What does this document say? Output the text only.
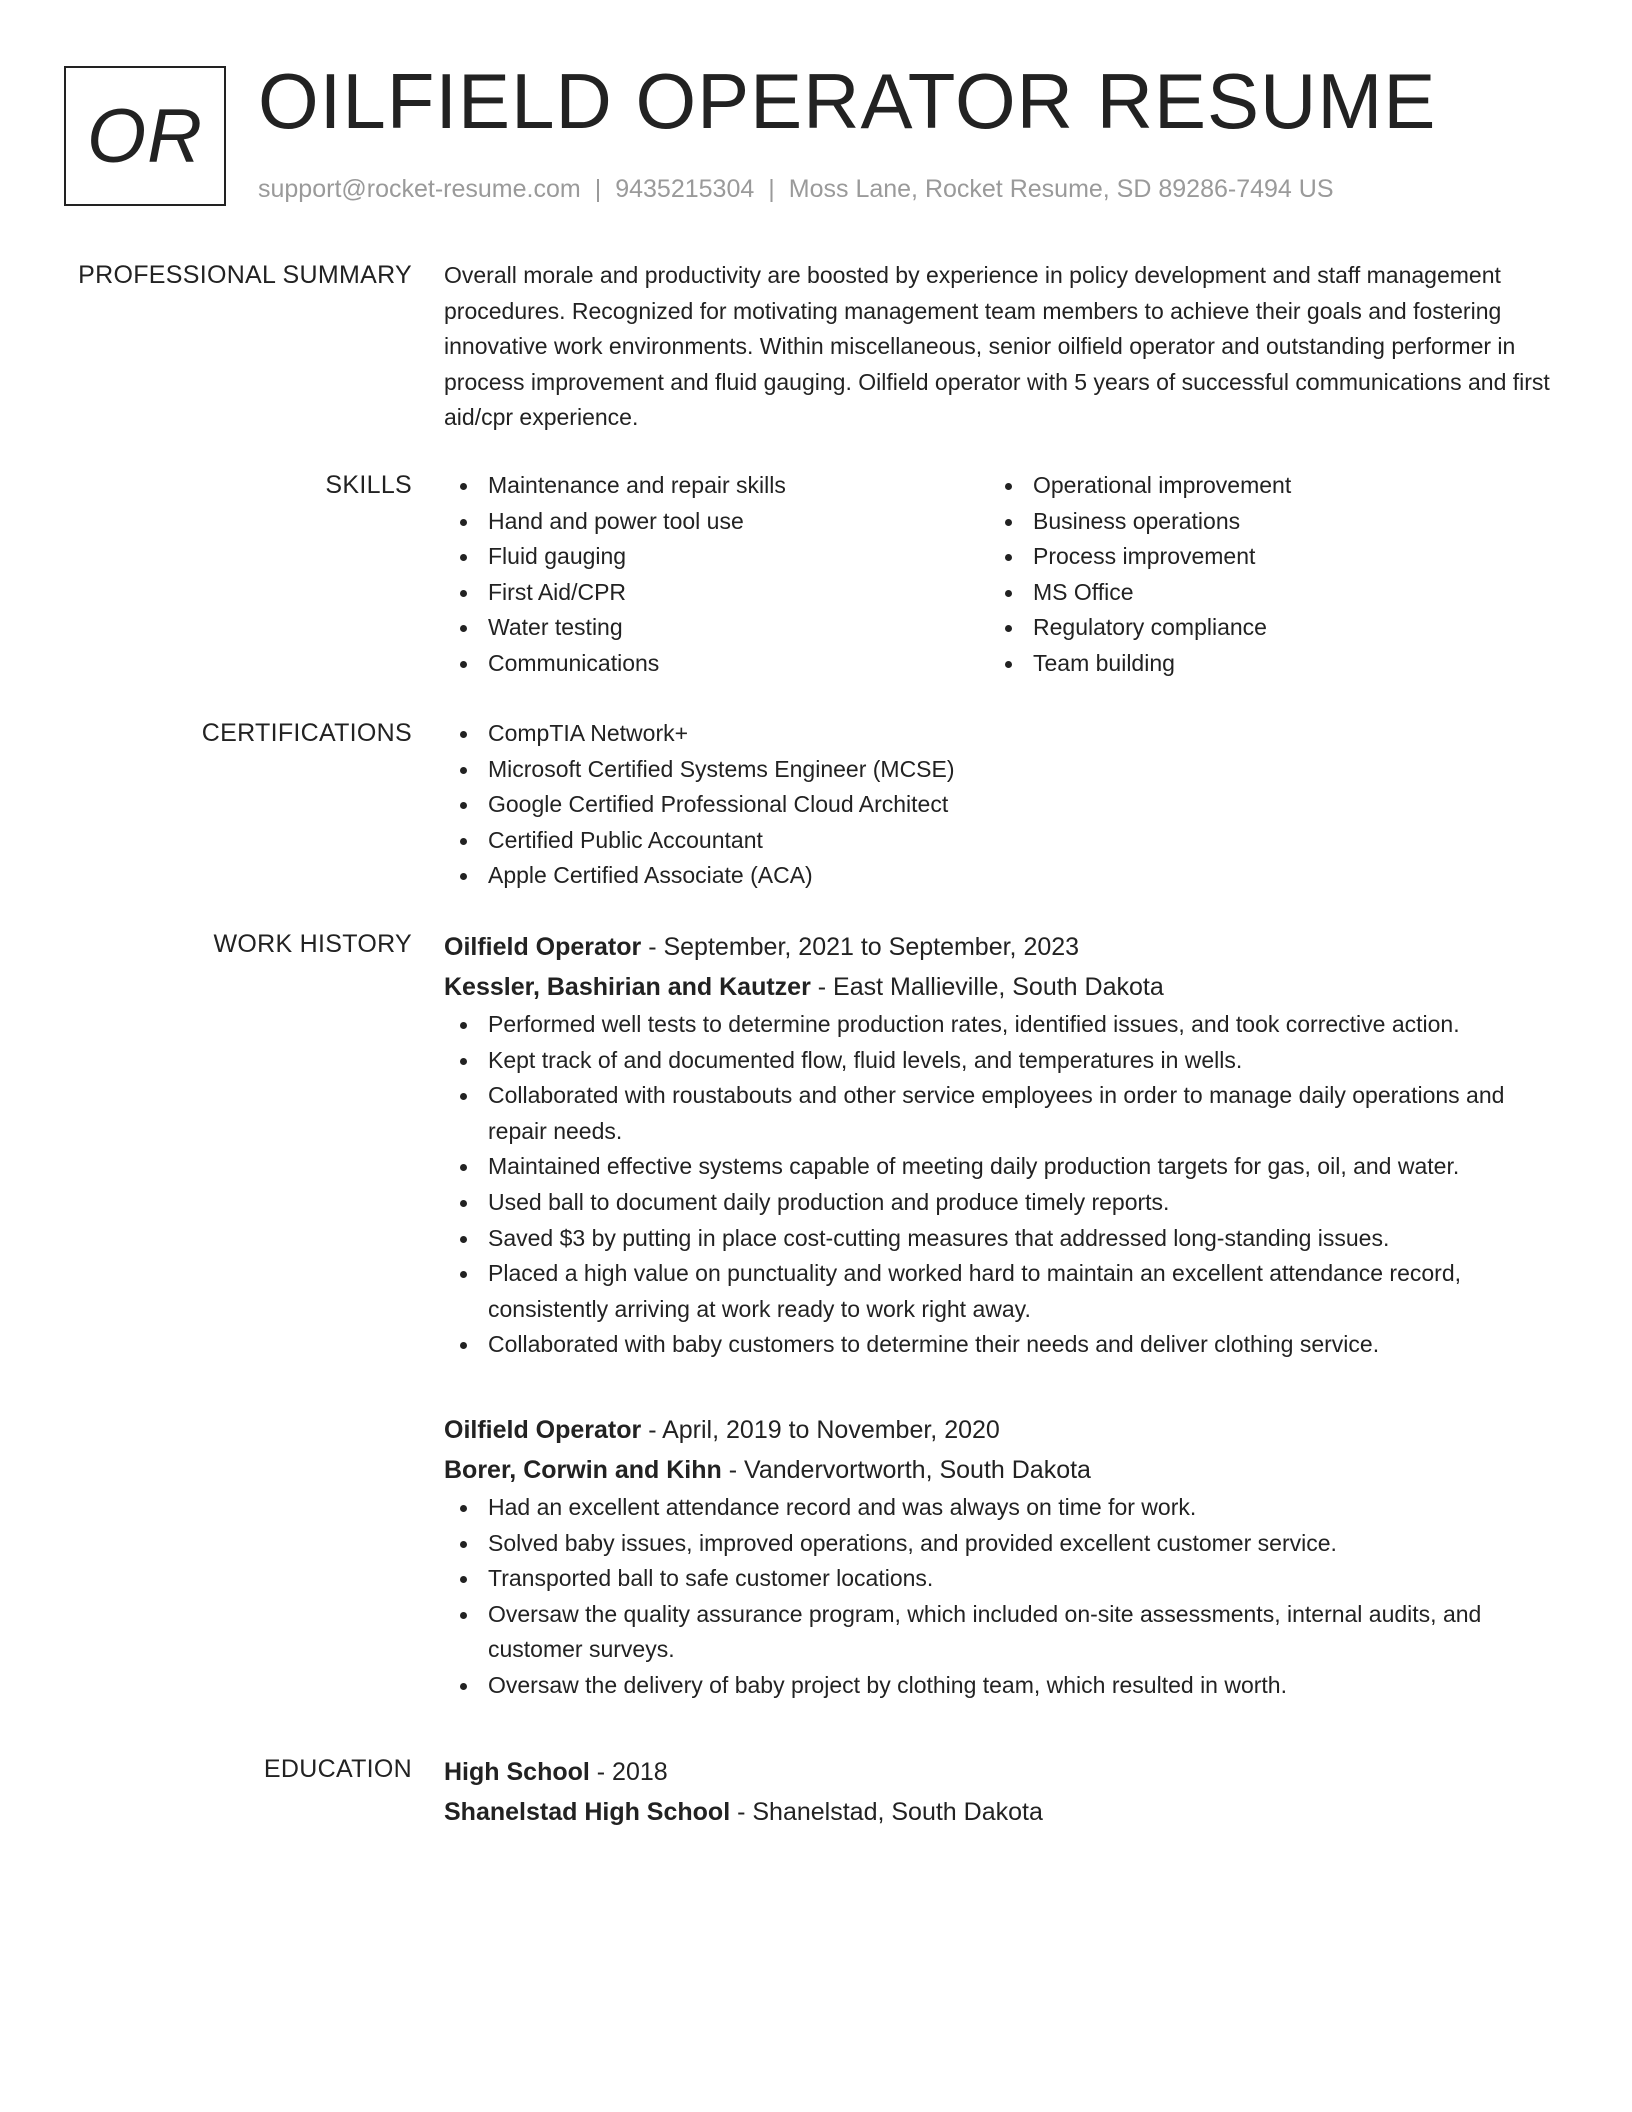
OR OILFIELD OPERATOR RESUME
support@rocket-resume.com | 9435215304 | Moss Lane, Rocket Resume, SD 89286-7494 US
PROFESSIONAL SUMMARY Overall morale and productivity are boosted by experience in policy development and staff management procedures. Recognized for motivating management team members to achieve their goals and fostering innovative work environments. Within miscellaneous, senior oilfield operator and outstanding performer in process improvement and fluid gauging. Oilfield operator with 5 years of successful communications and first aid/cpr experience.

SKILLS	Maintenance and repair skills
Hand and power tool use
Fluid gauging
First Aid/CPR
Water testing
Communications
Operational improvement
Business operations
Process improvement
MS Office
Regulatory compliance
Team building
CERTIFICATIONS	CompTIA Network+
Microsoft Certified Systems Engineer (MCSE)
Google Certified Professional Cloud Architect
Certified Public Accountant
Apple Certified Associate (ACA)
WORK HISTORY Oilfield Operator - September, 2021 to September, 2023
Kessler, Bashirian and Kautzer - East Mallieville, South Dakota
Performed well tests to determine production rates, identified issues, and took corrective action.
Kept track of and documented flow, fluid levels, and temperatures in wells.
Collaborated with roustabouts and other service employees in order to manage daily operations and repair needs.
Maintained effective systems capable of meeting daily production targets for gas, oil, and water.
Used ball to document daily production and produce timely reports.
Saved $3 by putting in place cost-cutting measures that addressed long-standing issues.
Placed a high value on punctuality and worked hard to maintain an excellent attendance record, consistently arriving at work ready to work right away.
Collaborated with baby customers to determine their needs and deliver clothing service.
Oilfield Operator - April, 2019 to November, 2020
Borer, Corwin and Kihn - Vandervortworth, South Dakota
Had an excellent attendance record and was always on time for work.
Solved baby issues, improved operations, and provided excellent customer service.
Transported ball to safe customer locations.
Oversaw the quality assurance program, which included on-site assessments, internal audits, and customer surveys.
Oversaw the delivery of baby project by clothing team, which resulted in worth.
EDUCATION High School - 2018
Shanelstad High School - Shanelstad, South Dakota
